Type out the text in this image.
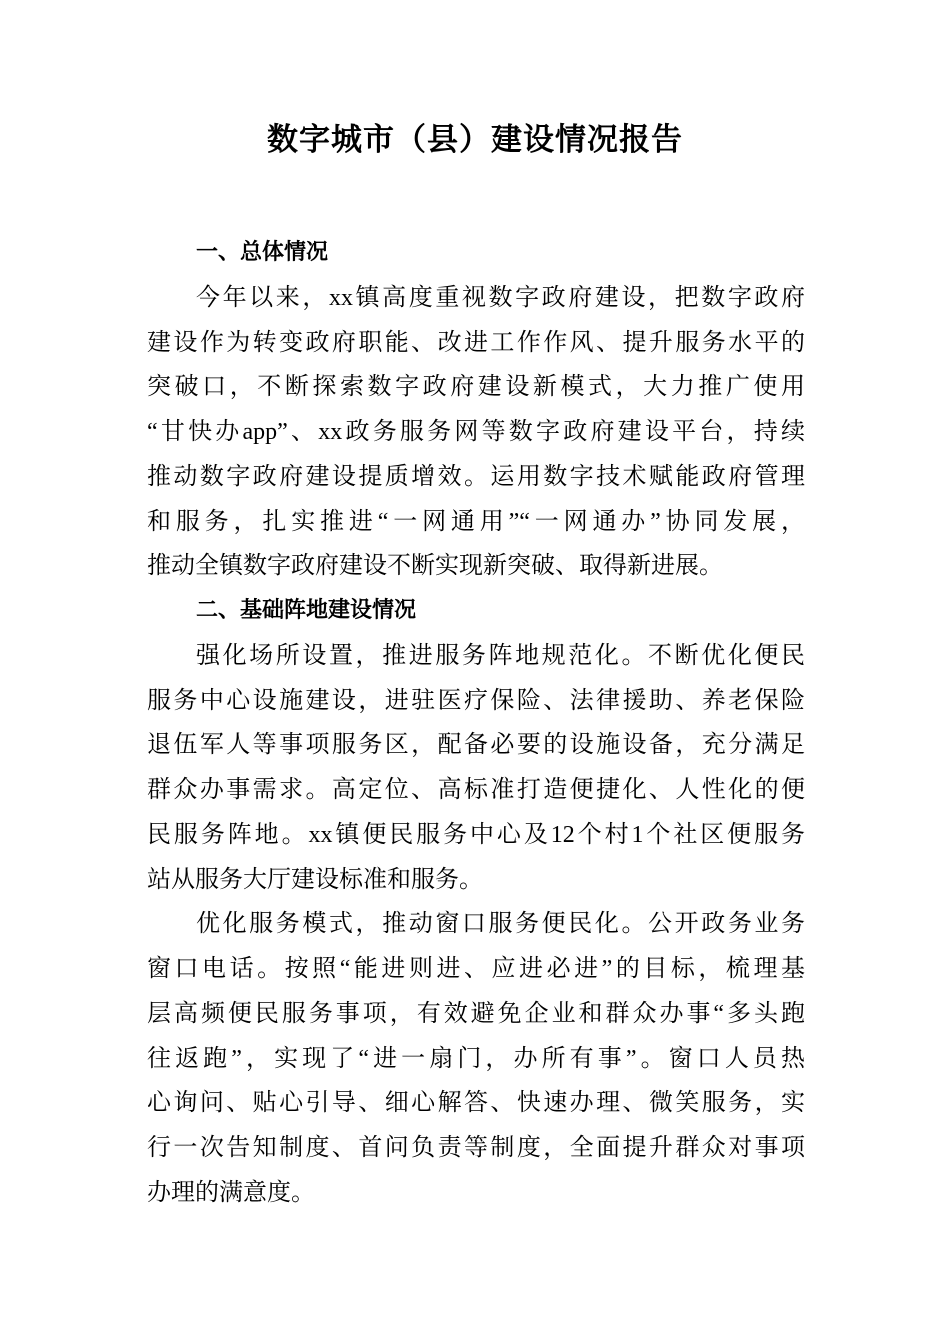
数字城市（县）建设情况报告
一、总体情况
今年以来，xx镇高度重视数字政府建设，把数字政府
建设作为转变政府职能、改进工作作风、提升服务水平的
突破口，不断探索数字政府建设新模式，大力推广使用
“甘快办app”、xx政务服务网等数字政府建设平台，持续
推动数字政府建设提质增效。运用数字技术赋能政府管理
和服务，扎实推进“一网通用”“一网通办”协同发展，
推动全镇数字政府建设不断实现新突破、取得新进展。
二、基础阵地建设情况
强化场所设置，推进服务阵地规范化。不断优化便民
服务中心设施建设，进驻医疗保险、法律援助、养老保险
退伍军人等事项服务区，配备必要的设施设备，充分满足
群众办事需求。高定位、高标准打造便捷化、人性化的便
民服务阵地。xx镇便民服务中心及12个村1个社区便服务
站从服务大厅建设标准和服务。
优化服务模式，推动窗口服务便民化。公开政务业务
窗口电话。按照“能进则进、应进必进”的目标，梳理基
层高频便民服务事项，有效避免企业和群众办事“多头跑
往返跑”，实现了“进一扇门，办所有事”。窗口人员热
心询问、贴心引导、细心解答、快速办理、微笑服务，实
行一次告知制度、首问负责等制度，全面提升群众对事项
办理的满意度。
